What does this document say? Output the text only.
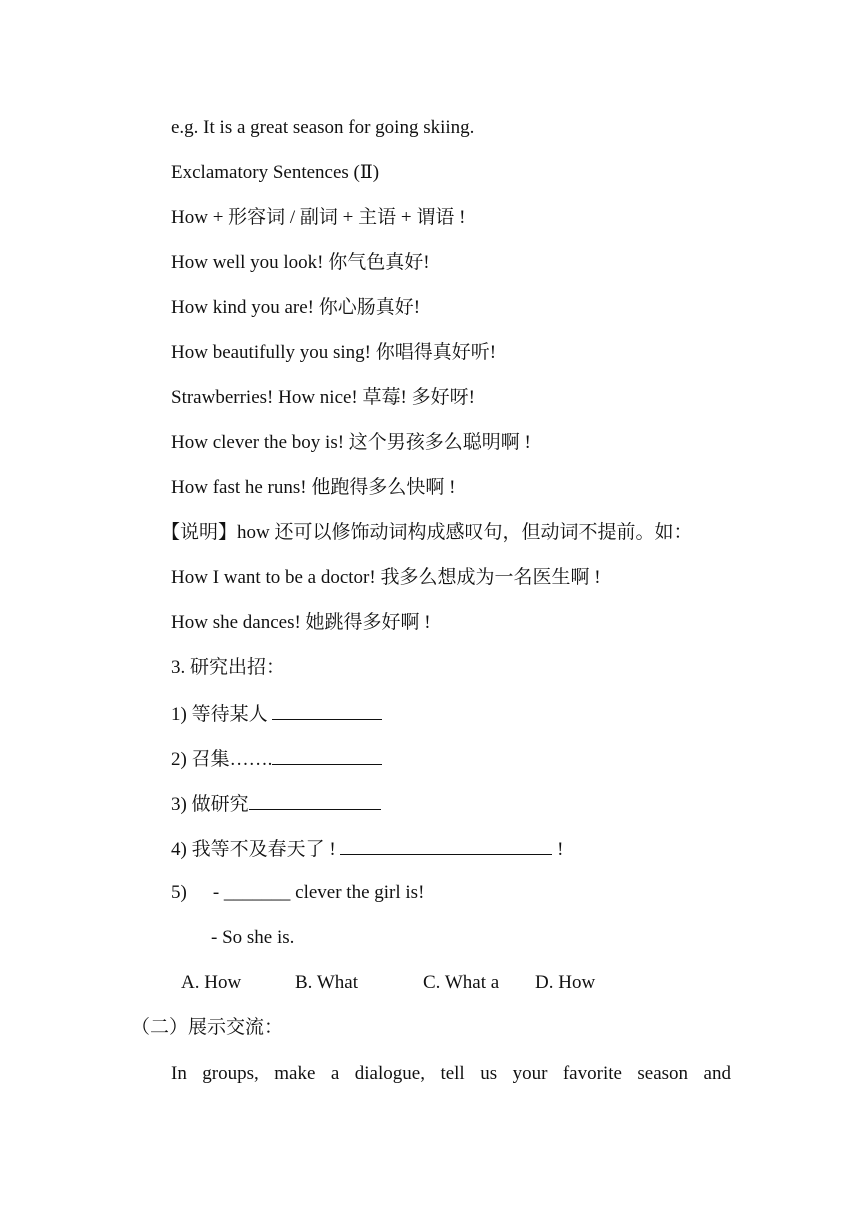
e.g. It is a great season for going skiing.
Exclamatory Sentences (Ⅱ)
How + 形容词 / 副词 + 主语 + 谓语 !
How well you look! 你气色真好!
How kind you are! 你心肠真好!
How beautifully you sing! 你唱得真好听!
Strawberries! How nice! 草莓! 多好呀!
How clever the boy is! 这个男孩多么聪明啊 !
How fast he runs! 他跑得多么快啊 !
【说明】how 还可以修饰动词构成感叹句，但动词不提前。如：
How I want to be a doctor! 我多么想成为一名医生啊 !
How she dances! 她跳得多好啊 !
3. 研究出招：
1) 等待某人
2) 召集…….
3) 做研究
4) 我等不及春天了 !	!
5) - _______ clever the girl is!
- So she is.
A. How	B. What	C. What a D. How
（二）展示交流：
In groups, make a dialogue, tell us your favorite season and
